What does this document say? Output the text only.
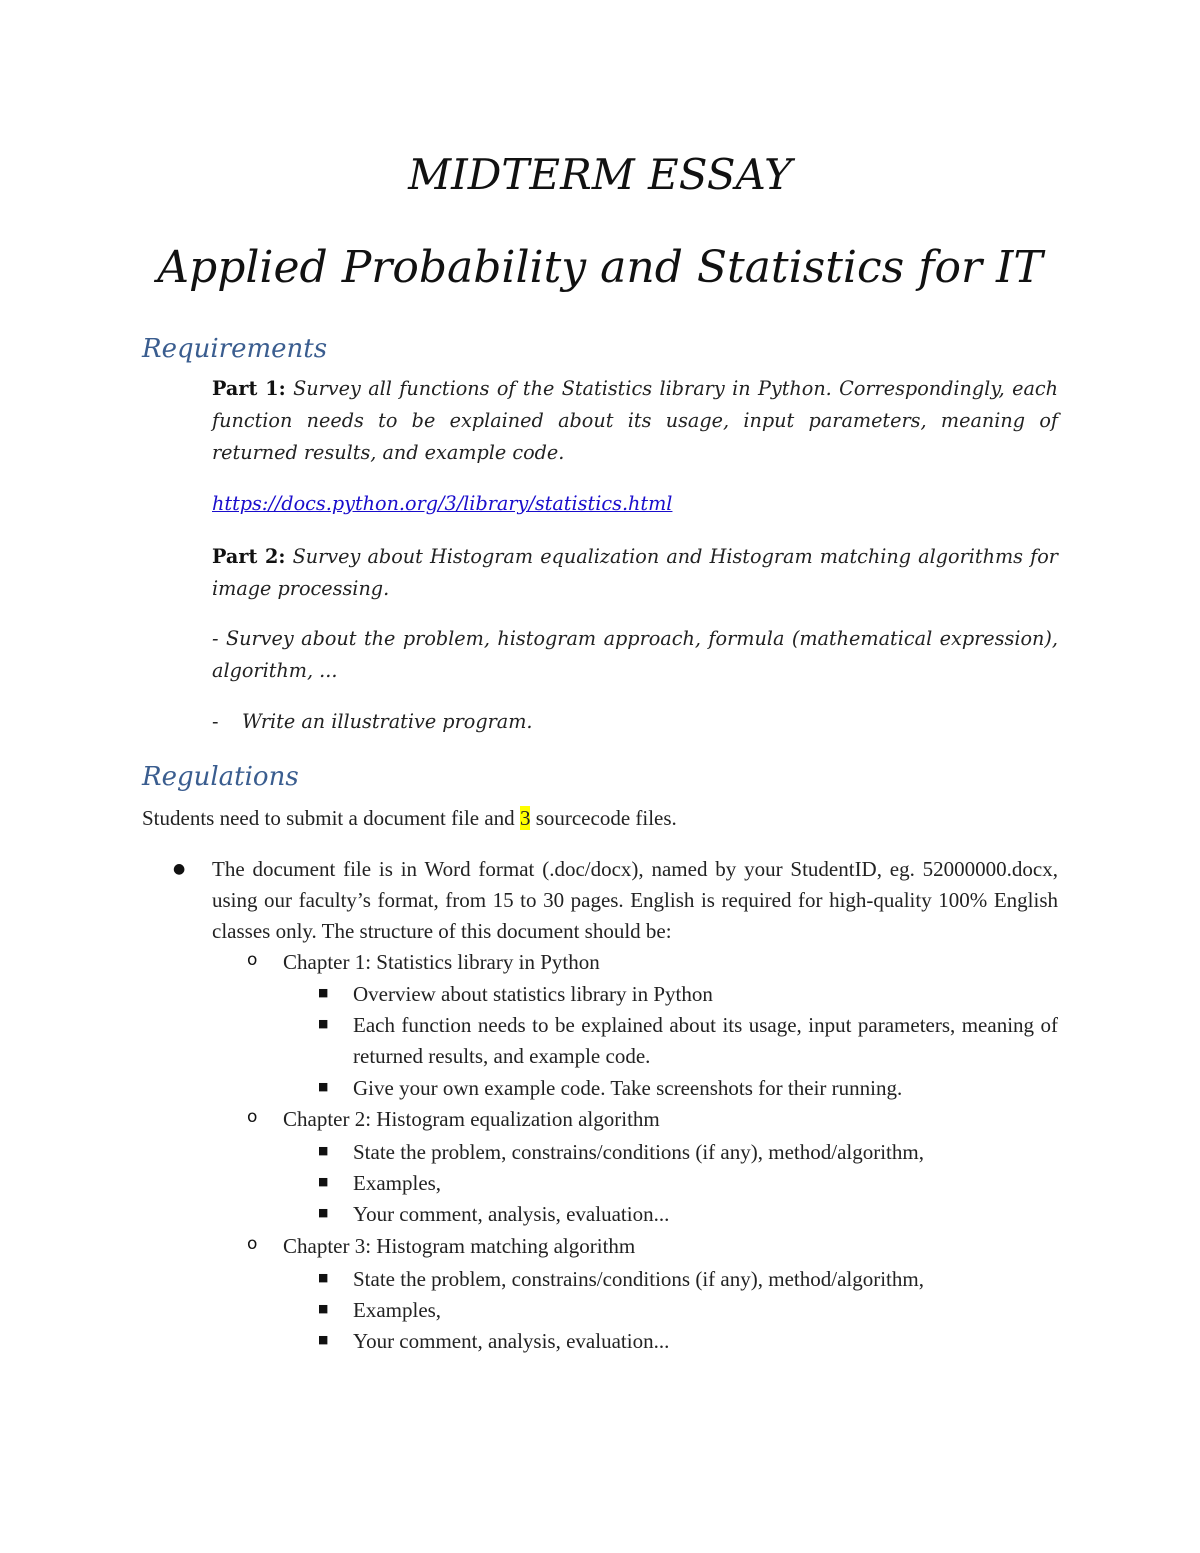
MIDTERM ESSAY
Applied Probability and Statistics for IT
Requirements

Part 1: Survey all functions of the Statistics library in Python. Correspondingly, each function needs to be explained about its usage, input parameters, meaning of returned results, and example code.

https://docs.python.org/3/library/statistics.html

Part 2: Survey about Histogram equalization and Histogram matching algorithms for image processing.

- Survey about the problem, histogram approach, formula (mathematical expression), algorithm, ...

- Write an illustrative program.
Regulations

Students need to submit a document file and 3 sourcecode files.

● The document file is in Word format (.doc/docx), named by your StudentID, eg. 52000000.docx, using our faculty’s format, from 15 to 30 pages. English is required for high-quality 100% English classes only. The structure of this document should be:

o Chapter 1: Statistics library in Python

■ Overview about statistics library in Python

■ Each function needs to be explained about its usage, input parameters, meaning of returned results, and example code.

■ Give your own example code. Take screenshots for their running.

o Chapter 2: Histogram equalization algorithm

■ State the problem, constrains/conditions (if any), method/algorithm,

■ Examples,

■ Your comment, analysis, evaluation...

o Chapter 3: Histogram matching algorithm

■ State the problem, constrains/conditions (if any), method/algorithm,

■ Examples,

■ Your comment, analysis, evaluation...
